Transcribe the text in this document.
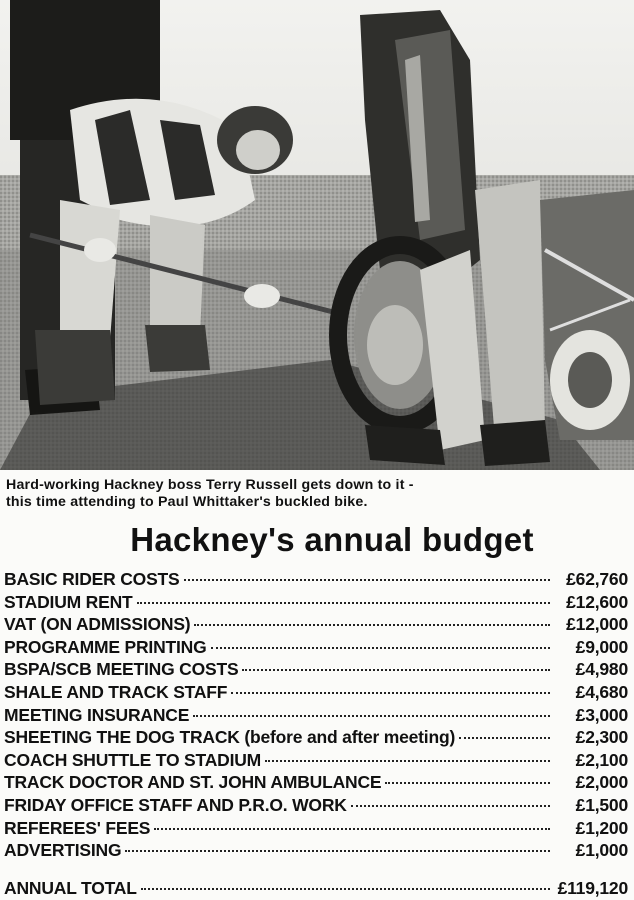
Hard-working Hackney boss Terry Russell gets down to it -
this time attending to Paul Whittaker's buckled bike.
Hackney's annual budget
BASIC RIDER COSTS	£62,760
STADIUM RENT	£12,600
VAT (ON ADMISSIONS)	£12,000
PROGRAMME PRINTING	£9,000
BSPA/SCB MEETING COSTS	£4,980
SHALE AND TRACK STAFF	£4,680
MEETING INSURANCE	£3,000
SHEETING THE DOG TRACK (before and after meeting)	£2,300
COACH SHUTTLE TO STADIUM	£2,100
TRACK DOCTOR AND ST. JOHN AMBULANCE	£2,000
FRIDAY OFFICE STAFF AND P.R.O. WORK	£1,500
REFEREES' FEES	£1,200
ADVERTISING	£1,000
ANNUAL TOTAL	£119,120
